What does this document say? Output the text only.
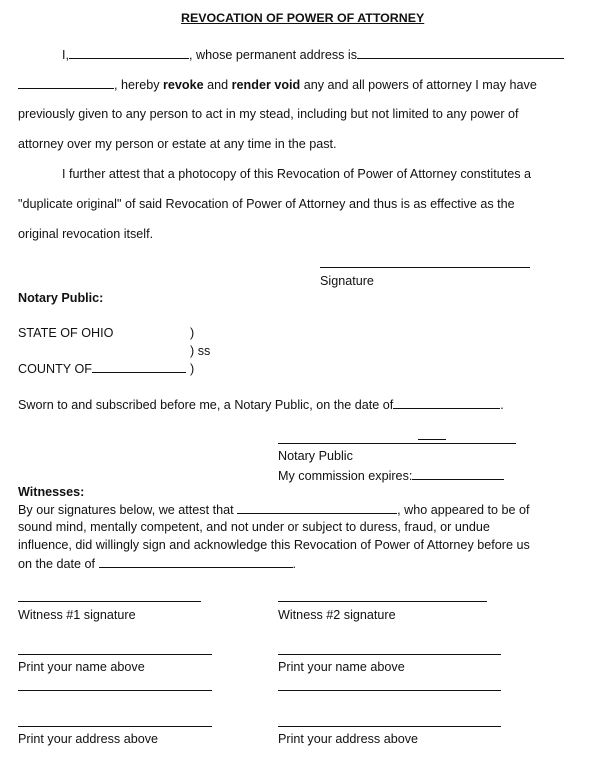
REVOCATION OF POWER OF ATTORNEY
I,	, whose permanent address is
, hereby revoke and render void any and all powers of attorney I may have
previously given to any person to act in my stead, including but not limited to any power of
attorney over my person or estate at any time in the past.
I further attest that a photocopy of this Revocation of Power of Attorney constitutes a
"duplicate original" of said Revocation of Power of Attorney and thus is as effective as the
original revocation itself.
Signature
Notary Public:
STATE OF OHIO	)
) ss
COUNTY OF	)
Sworn to and subscribed before me, a Notary Public, on the date of	.
Notary Public
My commission expires:
Witnesses:
By our signatures below, we attest that	, who appeared to be of
sound mind, mentally competent, and not under or subject to duress, fraud, or undue
influence, did willingly sign and acknowledge this Revocation of Power of Attorney before us
on the date of	.
Witness #1 signature	Witness #2 signature
Print your name above	Print your name above
Print your address above	Print your address above
